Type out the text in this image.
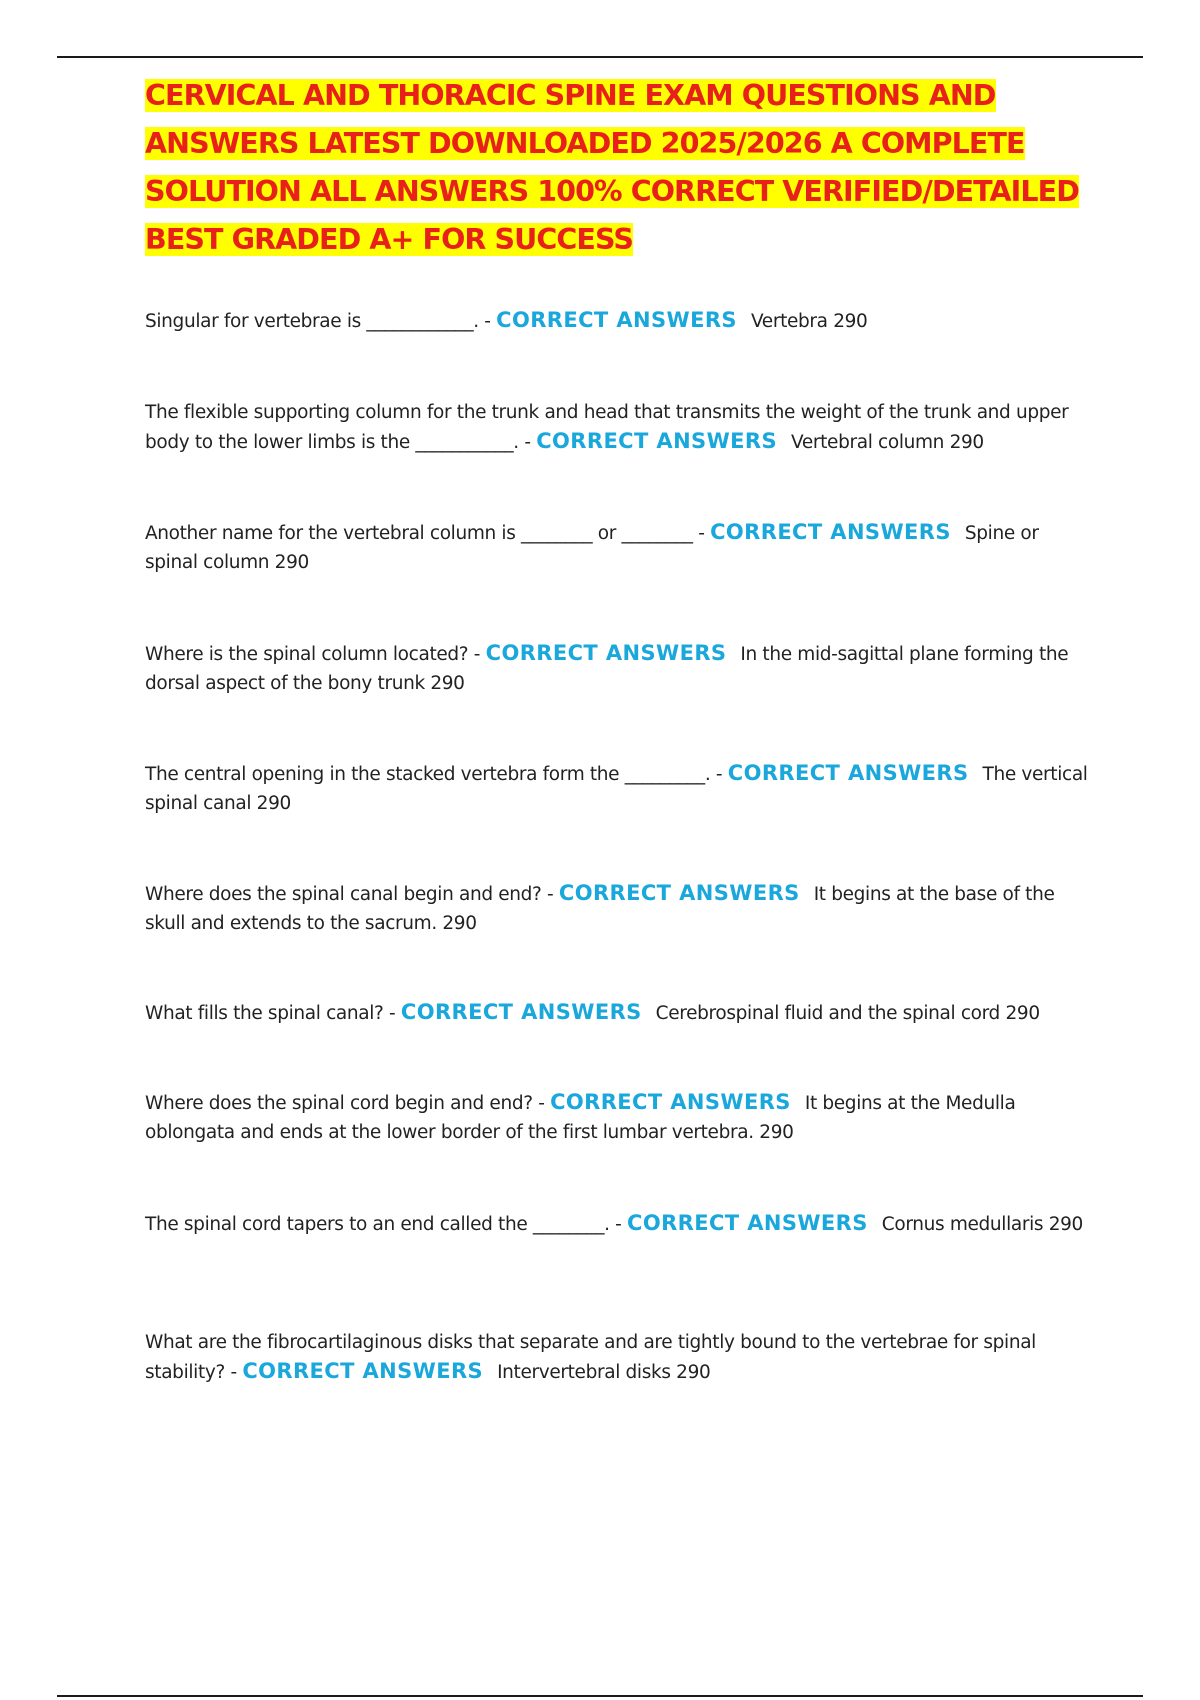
CERVICAL AND THORACIC SPINE EXAM QUESTIONS AND ANSWERS LATEST DOWNLOADED 2025/2026 A COMPLETE SOLUTION ALL ANSWERS 100% CORRECT VERIFIED/DETAILED BEST GRADED A+ FOR SUCCESS

Singular for vertebrae is ____________. - CORRECT ANSWERS Vertebra 290

The flexible supporting column for the trunk and head that transmits the weight of the trunk and upper body to the lower limbs is the ___________. - CORRECT ANSWERS Vertebral column 290

Another name for the vertebral column is ________ or ________ - CORRECT ANSWERS Spine or spinal column 290

Where is the spinal column located? - CORRECT ANSWERS In the mid-sagittal plane forming the dorsal aspect of the bony trunk 290

The central opening in the stacked vertebra form the _________. - CORRECT ANSWERS The vertical spinal canal 290

Where does the spinal canal begin and end? - CORRECT ANSWERS It begins at the base of the skull and extends to the sacrum. 290

What fills the spinal canal? - CORRECT ANSWERS Cerebrospinal fluid and the spinal cord 290

Where does the spinal cord begin and end? - CORRECT ANSWERS It begins at the Medulla oblongata and ends at the lower border of the first lumbar vertebra. 290

The spinal cord tapers to an end called the ________. - CORRECT ANSWERS Cornus medullaris 290

What are the fibrocartilaginous disks that separate and are tightly bound to the vertebrae for spinal stability? - CORRECT ANSWERS Intervertebral disks 290
